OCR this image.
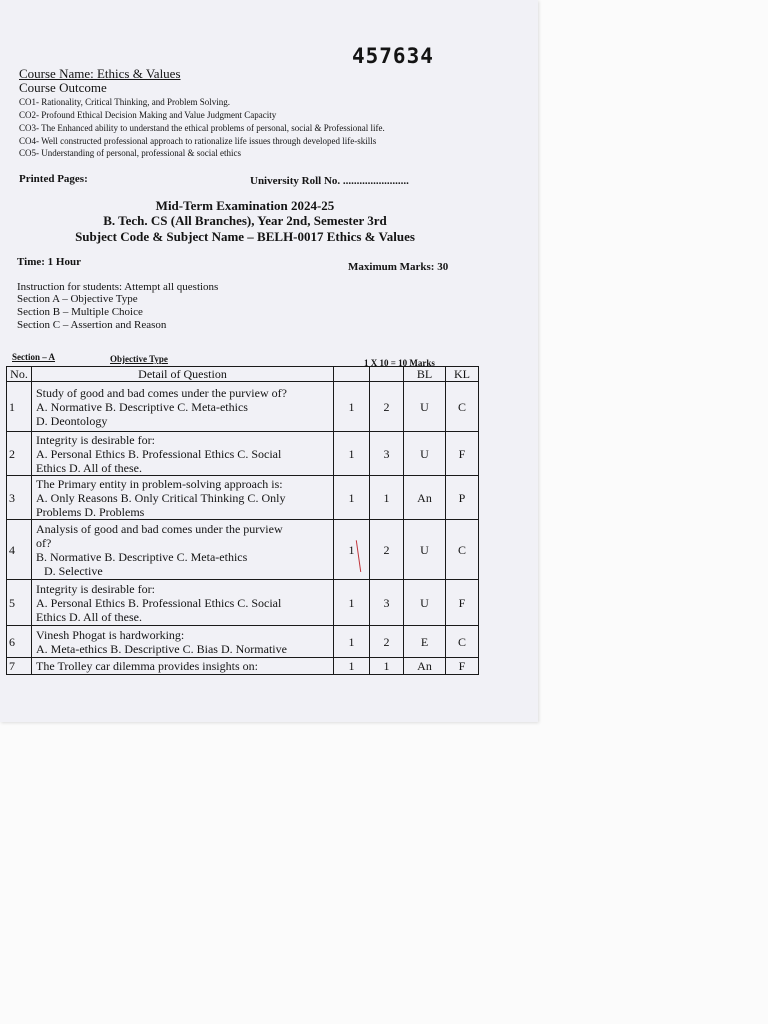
457634
Course Name: Ethics & Values
Course Outcome
CO1- Rationality, Critical Thinking, and Problem Solving.
CO2- Profound Ethical Decision Making and Value Judgment Capacity
CO3- The Enhanced ability to understand the ethical problems of personal, social & Professional life.
CO4- Well constructed professional approach to rationalize life issues through developed life-skills
CO5- Understanding of personal, professional & social ethics
Printed Pages:	University Roll No. ........................
Mid-Term Examination 2024-25
B. Tech. CS (All Branches), Year 2nd, Semester 3rd
Subject Code & Subject Name – BELH-0017 Ethics & Values
Time: 1 Hour	Maximum Marks: 30
Instruction for students: Attempt all questions
Section A – Objective Type
Section B – Multiple Choice
Section C – Assertion and Reason
Section – A	Objective Type	1 X 10 = 10 Marks
No.	Detail of Question			BL	KL
1	Study of good and bad comes under the purview of?
A. Normative B. Descriptive C. Meta-ethics
D. Deontology	1	2	U	C
2	Integrity is desirable for:
A. Personal Ethics B. Professional Ethics C. Social
Ethics D. All of these.	1	3	U	F
3	The Primary entity in problem-solving approach is:
A. Only Reasons B. Only Critical Thinking C. Only
Problems D. Problems	1	1	An	P
4	Analysis of good and bad comes under the purview
of?
B. Normative B. Descriptive C. Meta-ethics
D. Selective	1	2	U	C
5	Integrity is desirable for:
A. Personal Ethics B. Professional Ethics C. Social
Ethics D. All of these.	1	3	U	F
6	Vinesh Phogat is hardworking:
A. Meta-ethics B. Descriptive C. Bias D. Normative	1	2	E	C
7	The Trolley car dilemma provides insights on:	1	1	An	F
